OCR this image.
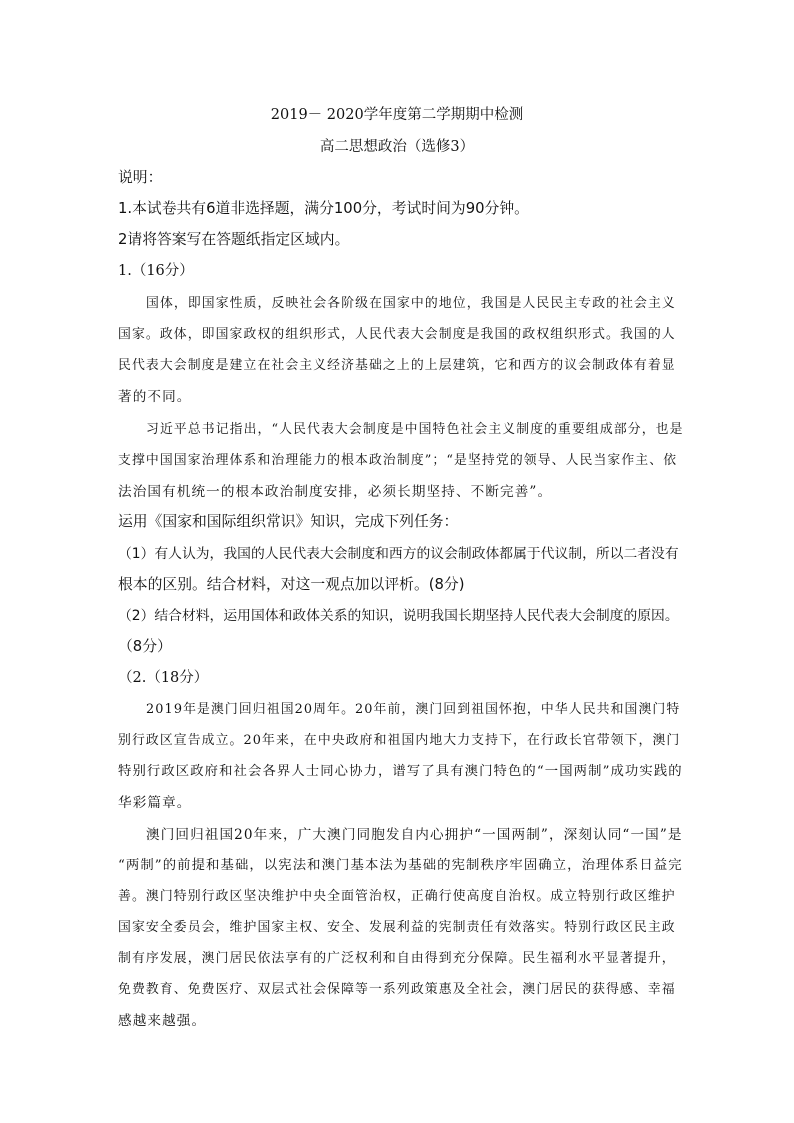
2019－ 2020学年度第二学期期中检测
高二思想政治（选修3）
说明：
1.本试卷共有6道非选择题，满分100分，考试时间为90分钟。
2请将答案写在答题纸指定区域内。
1.（16分）
国体，即国家性质，反映社会各阶级在国家中的地位，我国是人民民主专政的社会主义
国家。政体，即国家政权的组织形式，人民代表大会制度是我国的政权组织形式。我国的人
民代表大会制度是建立在社会主义经济基础之上的上层建筑，它和西方的议会制政体有着显
著的不同。
习近平总书记指出，“人民代表大会制度是中国特色社会主义制度的重要组成部分，也是
支撑中国国家治理体系和治理能力的根本政治制度”；“是坚持党的领导、人民当家作主、依
法治国有机统一的根本政治制度安排，必须长期坚持、不断完善”。
运用《国家和国际组织常识》知识，完成下列任务：
（1）有人认为，我国的人民代表大会制度和西方的议会制政体都属于代议制，所以二者没有
根本的区别。结合材料，对这一观点加以评析。(8分)
（2）结合材料，运用国体和政体关系的知识，说明我国长期坚持人民代表大会制度的原因。
（8分）
（2.（18分）
2019年是澳门回归祖国20周年。20年前，澳门回到祖国怀抱，中华人民共和国澳门特
别行政区宣告成立。20年来，在中央政府和祖国内地大力支持下，在行政长官带领下，澳门
特别行政区政府和社会各界人士同心协力，谱写了具有澳门特色的“一国两制”成功实践的
华彩篇章。
澳门回归祖国20年来，广大澳门同胞发自内心拥护“一国两制”，深刻认同“一国”是
“两制”的前提和基础，以宪法和澳门基本法为基础的宪制秩序牢固确立，治理体系日益完
善。澳门特别行政区坚决维护中央全面管治权，正确行使高度自治权。成立特别行政区维护
国家安全委员会，维护国家主权、安全、发展利益的宪制责任有效落实。特别行政区民主政
制有序发展，澳门居民依法享有的广泛权利和自由得到充分保障。民生福利水平显著提升，
免费教育、免费医疗、双层式社会保障等一系列政策惠及全社会，澳门居民的获得感、幸福
感越来越强。
